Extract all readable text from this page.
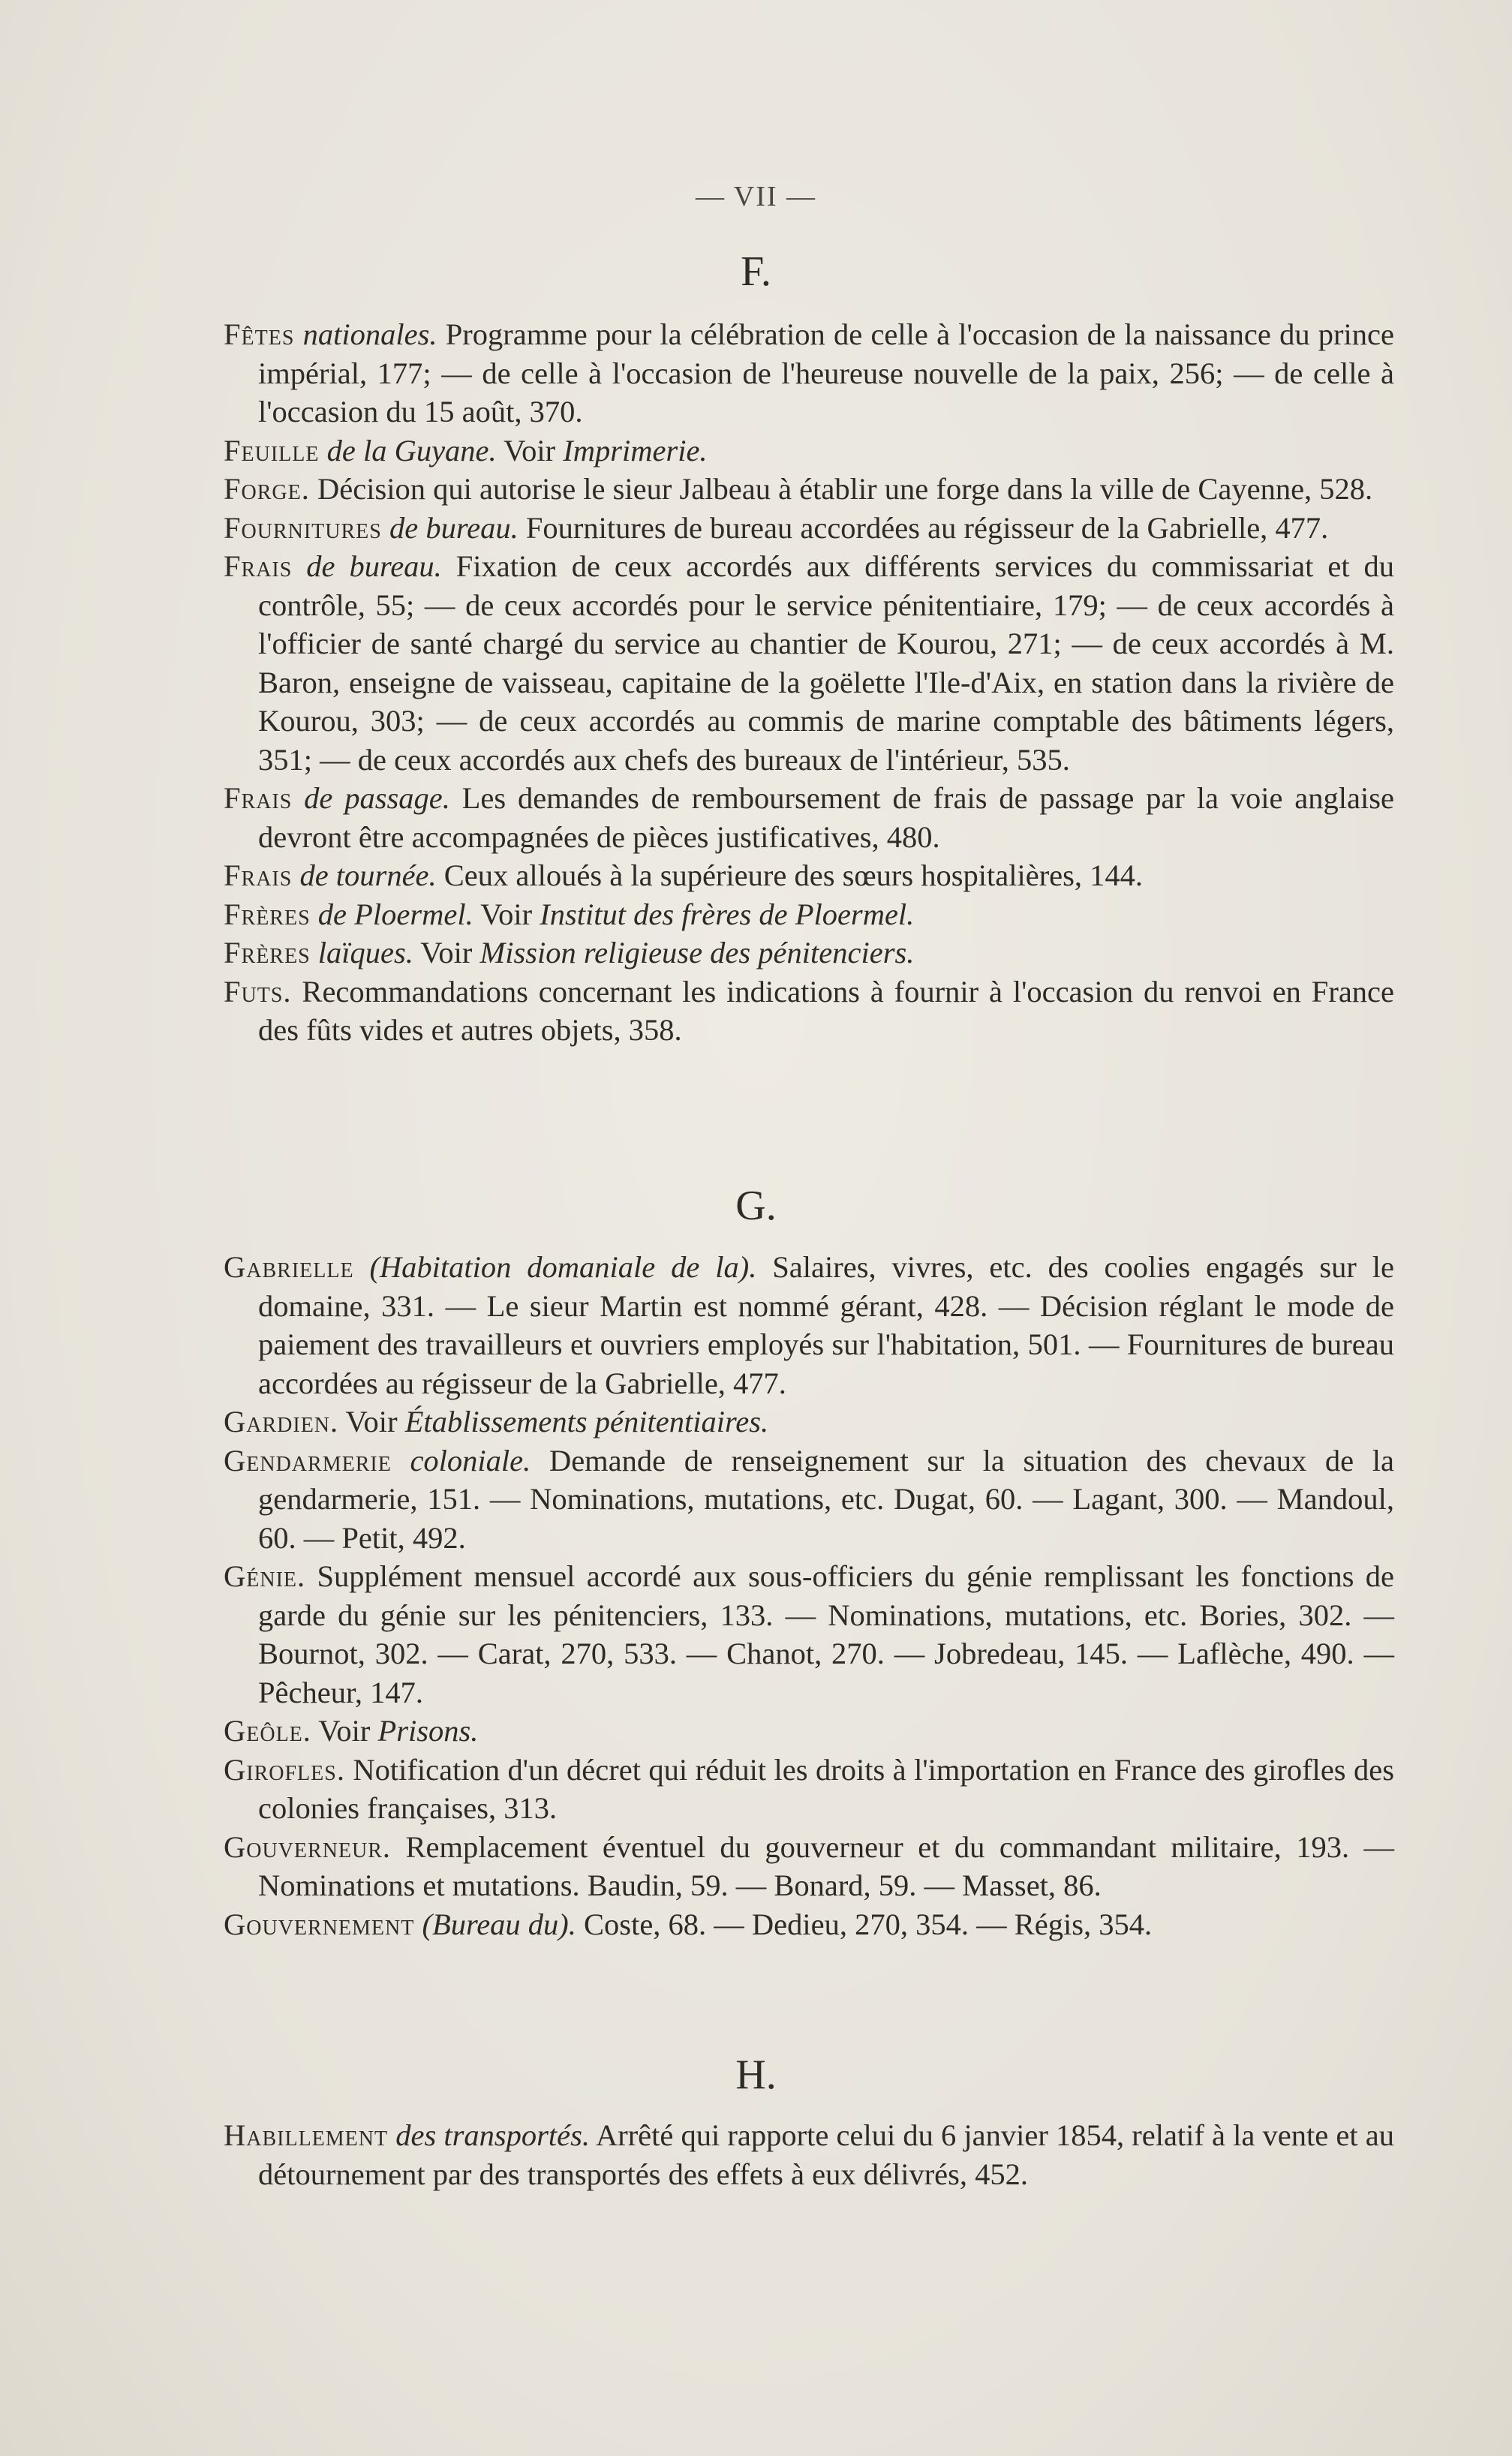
— VII —
F.

Fêtes nationales. Programme pour la célébration de celle à l'occasion de la naissance du prince impérial, 177; — de celle à l'occasion de l'heureuse nouvelle de la paix, 256; — de celle à l'occasion du 15 août, 370.

Feuille de la Guyane. Voir Imprimerie.

Forge. Décision qui autorise le sieur Jalbeau à établir une forge dans la ville de Cayenne, 528.

Fournitures de bureau. Fournitures de bureau accordées au régisseur de la Gabrielle, 477.

Frais de bureau. Fixation de ceux accordés aux différents services du commissariat et du contrôle, 55; — de ceux accordés pour le service pénitentiaire, 179; — de ceux accordés à l'officier de santé chargé du service au chantier de Kourou, 271; — de ceux accordés à M. Baron, enseigne de vaisseau, capitaine de la goëlette l'Ile-d'Aix, en station dans la rivière de Kourou, 303; — de ceux accordés au commis de marine comptable des bâtiments légers, 351; — de ceux accordés aux chefs des bureaux de l'intérieur, 535.

Frais de passage. Les demandes de remboursement de frais de passage par la voie anglaise devront être accompagnées de pièces justificatives, 480.

Frais de tournée. Ceux alloués à la supérieure des sœurs hospitalières, 144.

Frères de Ploermel. Voir Institut des frères de Ploermel.

Frères laïques. Voir Mission religieuse des pénitenciers.

Futs. Recommandations concernant les indications à fournir à l'occasion du renvoi en France des fûts vides et autres objets, 358.

G.

Gabrielle (Habitation domaniale de la). Salaires, vivres, etc. des coolies engagés sur le domaine, 331. — Le sieur Martin est nommé gérant, 428. — Décision réglant le mode de paiement des travailleurs et ouvriers employés sur l'habitation, 501. — Fournitures de bureau accordées au régisseur de la Gabrielle, 477.

Gardien. Voir Établissements pénitentiaires.

Gendarmerie coloniale. Demande de renseignement sur la situation des chevaux de la gendarmerie, 151. — Nominations, mutations, etc. Dugat, 60. — Lagant, 300. — Mandoul, 60. — Petit, 492.

Génie. Supplément mensuel accordé aux sous-officiers du génie remplissant les fonctions de garde du génie sur les pénitenciers, 133. — Nominations, mutations, etc. Bories, 302. — Bournot, 302. — Carat, 270, 533. — Chanot, 270. — Jobredeau, 145. — Laflèche, 490. — Pêcheur, 147.

Geôle. Voir Prisons.

Girofles. Notification d'un décret qui réduit les droits à l'importation en France des girofles des colonies françaises, 313.

Gouverneur. Remplacement éventuel du gouverneur et du commandant militaire, 193. — Nominations et mutations. Baudin, 59. — Bonard, 59. — Masset, 86.

Gouvernement (Bureau du). Coste, 68. — Dedieu, 270, 354. — Régis, 354.

H.

Habillement des transportés. Arrêté qui rapporte celui du 6 janvier 1854, relatif à la vente et au détournement par des transportés des effets à eux délivrés, 452.
